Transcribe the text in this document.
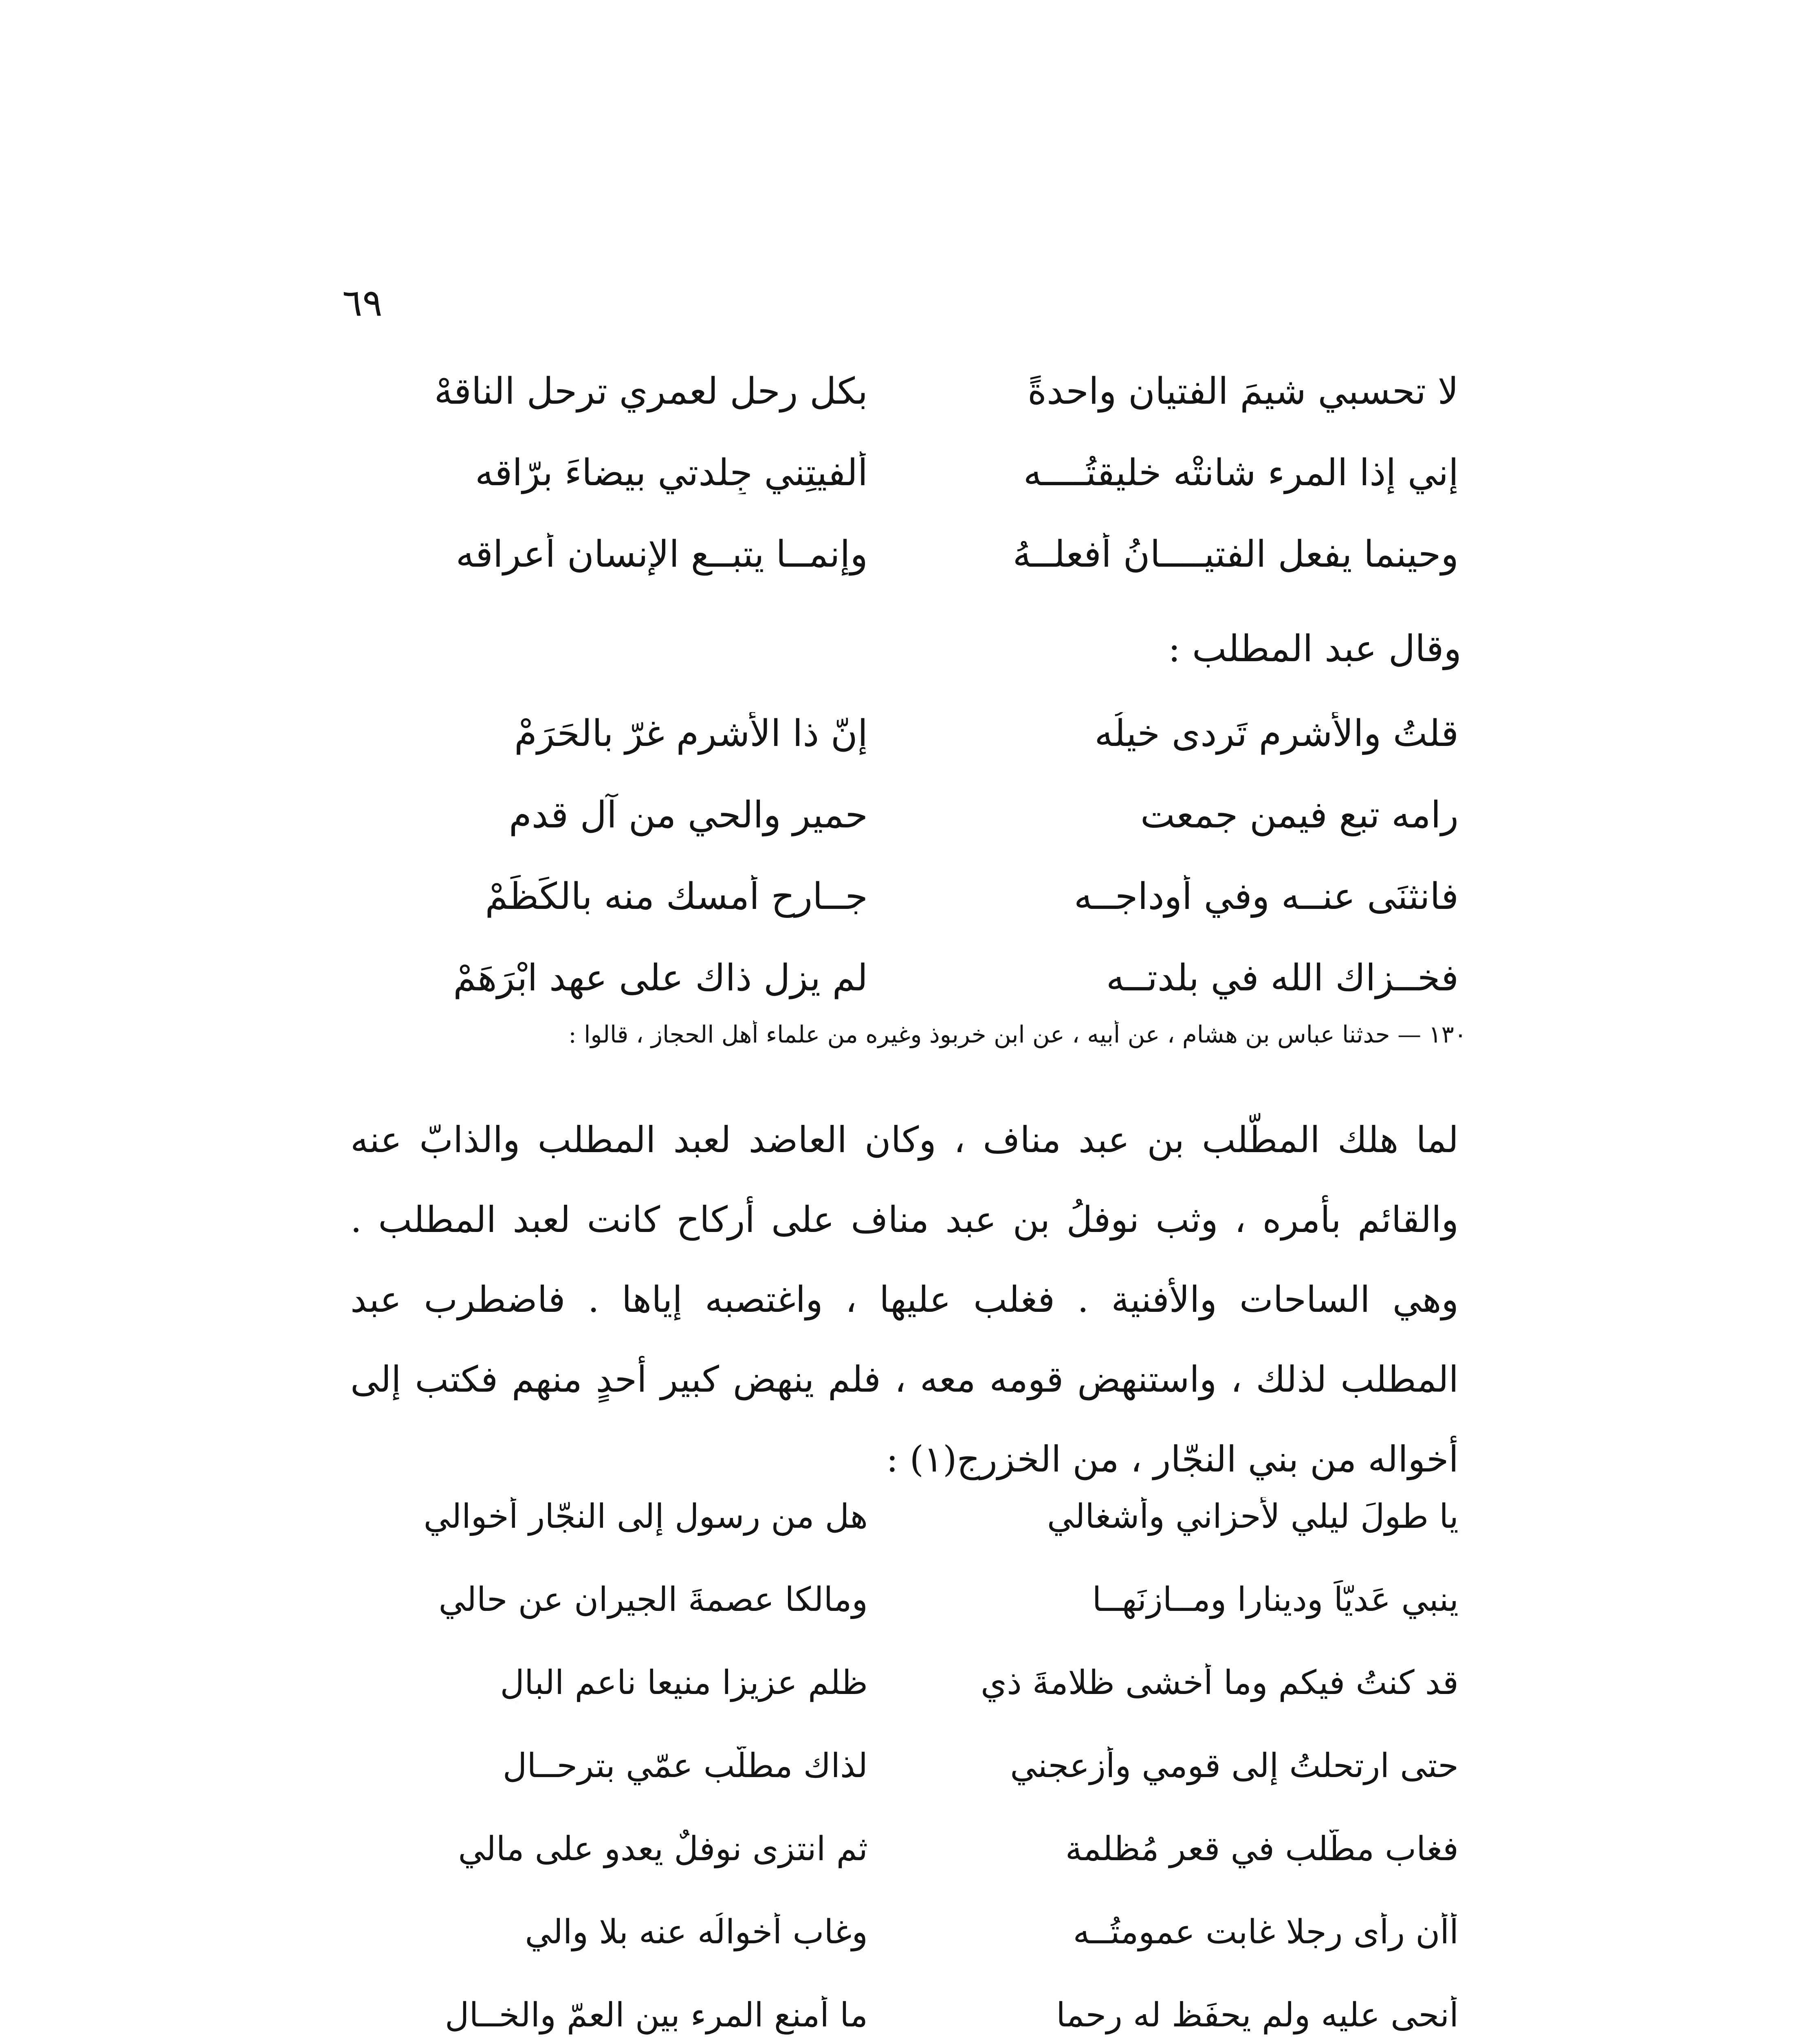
٦٩
لا تحسبي شيمَ الفتيان واحدةً
بكل رحل لعمري ترحل الناقهْ
إني إذا المرء شانتْه خليقتُــــه
ألفيتِني جِلدتي بيضاءَ برّاقه
وحينما يفعل الفتيــــانُ أفعلــهُ
وإنمــا يتبــع الإنسان أعراقه
وقال عبد المطلب :
قلتُ والأشرم تَردى خيلُه
إنّ ذا الأشرم غرّ بالحَرَمْ
رامه تبع فيمن جمعت
حمير والحي من آل قدم
فانثنَى عنــه وفي أوداجــه
جــارح أمسك منه بالكَظَمْ
فخــزاك الله في بلدتــه
لم يزل ذاك على عهد ابْرَهَمْ
١٣٠ — حدثنا عباس بن هشام ، عن أبيه ، عن ابن خربوذ وغيره من علماء أهل الحجاز ، قالوا :
لما هلك المطّلب بن عبد مناف ، وكان العاضد لعبد المطلب والذابّ عنه والقائم بأمره ، وثب نوفلُ بن عبد مناف على أركاح كانت لعبد المطلب . وهي الساحات والأفنية . فغلب عليها ، واغتصبه إياها . فاضطرب عبد المطلب لذلك ، واستنهض قومه معه ، فلم ينهض كبير أحدٍ منهم فكتب إلى أخواله من بني النجّار ، من الخزرج(١) :
يا طولَ ليلي لأحزاني وأشغالي
هل من رسول إلى النجّار أخوالي
ينبي عَديّاً ودينارا ومــازنَهــا
ومالكا عصمةَ الجيران عن حالي
قد كنتُ فيكم وما أخشى ظلامةَ ذي
ظلم عزيزا منيعا ناعم البالِ
حتى ارتحلتُ إلى قومي وأزعجني
لذاك مطلّب عمّي بترحــالِ
فغاب مطّلب في قعر مُظلمة
ثم انتزى نوفلٌ يعدو على مالي
أأن رأى رجلا غابت عمومتُــه
وغاب أخوالُه عنه بلا والي
أنحى عليه ولم يحفَظ له رحما
ما أمنع المرء بين العمّ والخــال
